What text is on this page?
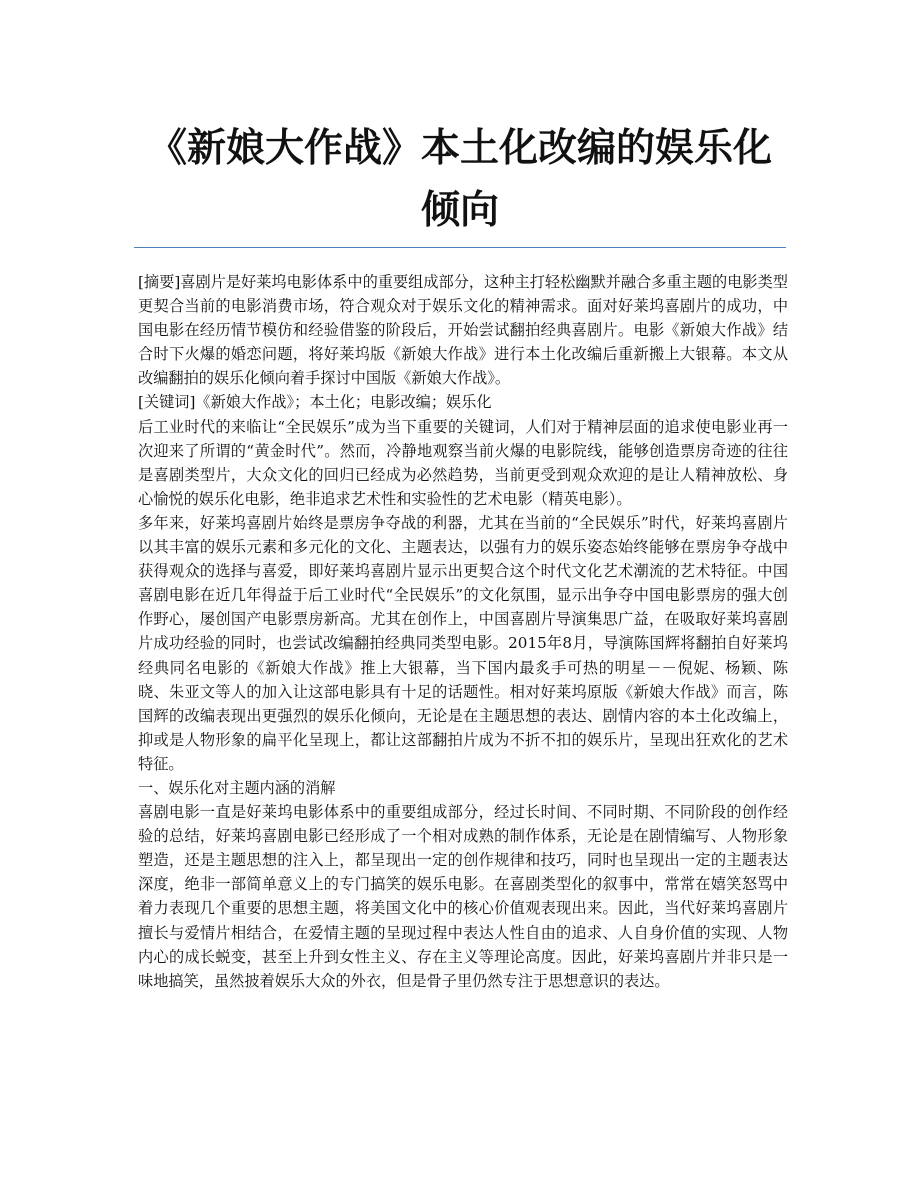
《新娘大作战》本土化改编的娱乐化倾向

[摘要]喜剧片是好莱坞电影体系中的重要组成部分，这种主打轻松幽默并融合多重主题的电影类型更契合当前的电影消费市场，符合观众对于娱乐文化的精神需求。面对好莱坞喜剧片的成功，中国电影在经历情节模仿和经验借鉴的阶段后，开始尝试翻拍经典喜剧片。电影《新娘大作战》结合时下火爆的婚恋问题，将好莱坞版《新娘大作战》进行本土化改编后重新搬上大银幕。本文从改编翻拍的娱乐化倾向着手探讨中国版《新娘大作战》。

[关键词]《新娘大作战》；本土化；电影改编；娱乐化

后工业时代的来临让“全民娱乐”成为当下重要的关键词，人们对于精神层面的追求使电影业再一次迎来了所谓的“黄金时代”。然而，冷静地观察当前火爆的电影院线，能够创造票房奇迹的往往是喜剧类型片，大众文化的回归已经成为必然趋势，当前更受到观众欢迎的是让人精神放松、身心愉悦的娱乐化电影，绝非追求艺术性和实验性的艺术电影（精英电影）。

多年来，好莱坞喜剧片始终是票房争夺战的利器，尤其在当前的“全民娱乐”时代，好莱坞喜剧片以其丰富的娱乐元素和多元化的文化、主题表达，以强有力的娱乐姿态始终能够在票房争夺战中获得观众的选择与喜爱，即好莱坞喜剧片显示出更契合这个时代文化艺术潮流的艺术特征。中国喜剧电影在近几年得益于后工业时代“全民娱乐”的文化氛围，显示出争夺中国电影票房的强大创作野心，屡创国产电影票房新高。尤其在创作上，中国喜剧片导演集思广益，在吸取好莱坞喜剧片成功经验的同时，也尝试改编翻拍经典同类型电影。2015年8月，导演陈国辉将翻拍自好莱坞经典同名电影的《新娘大作战》推上大银幕，当下国内最炙手可热的明星－－倪妮、杨颖、陈晓、朱亚文等人的加入让这部电影具有十足的话题性。相对好莱坞原版《新娘大作战》而言，陈国辉的改编表现出更强烈的娱乐化倾向，无论是在主题思想的表达、剧情内容的本土化改编上，抑或是人物形象的扁平化呈现上，都让这部翻拍片成为不折不扣的娱乐片，呈现出狂欢化的艺术特征。

一、娱乐化对主题内涵的消解

喜剧电影一直是好莱坞电影体系中的重要组成部分，经过长时间、不同时期、不同阶段的创作经验的总结，好莱坞喜剧电影已经形成了一个相对成熟的制作体系，无论是在剧情编写、人物形象塑造，还是主题思想的注入上，都呈现出一定的创作规律和技巧，同时也呈现出一定的主题表达深度，绝非一部简单意义上的专门搞笑的娱乐电影。在喜剧类型化的叙事中，常常在嬉笑怒骂中着力表现几个重要的思想主题，将美国文化中的核心价值观表现出来。因此，当代好莱坞喜剧片擅长与爱情片相结合，在爱情主题的呈现过程中表达人性自由的追求、人自身价值的实现、人物内心的成长蜕变，甚至上升到女性主义、存在主义等理论高度。因此，好莱坞喜剧片并非只是一味地搞笑，虽然披着娱乐大众的外衣，但是骨子里仍然专注于思想意识的表达。
